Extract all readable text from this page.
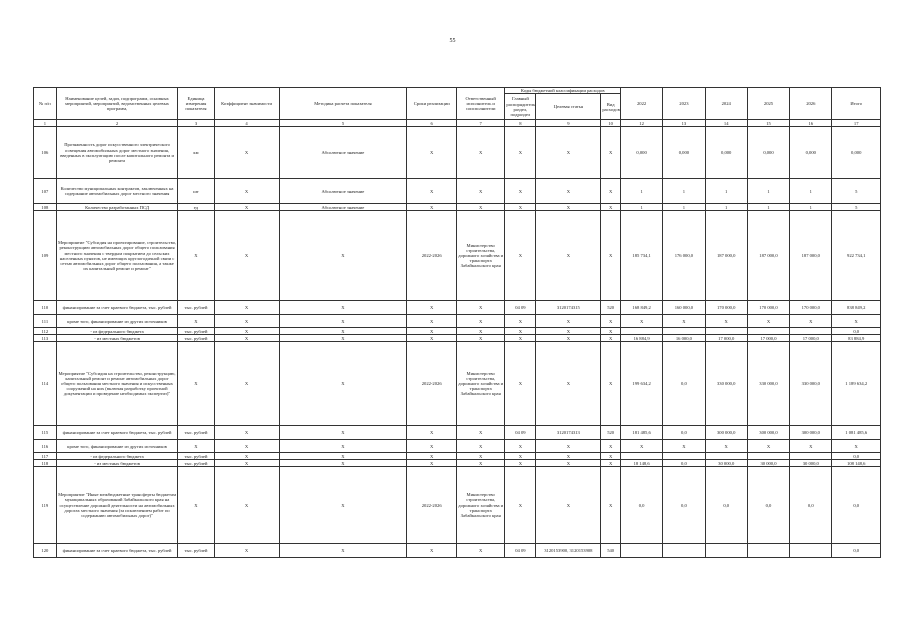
55
№ п/п	Наименование целей, задач, подпрограмм, основных мероприятий, мероприятий, ведомственных целевых программ,	Единица измерения показателя	Коэффициент значимости	Методика расчета показателя	Сроки реализации	Ответственный исполнитель и соисполнители	Коды бюджетной классификации расходов			2022	2023	2024	2025	2026	Итого
							Главный распорядитель раздел, подраздел	Целевая статья	Вид расходов						
1	2	3	4	5	6	7	8	9	10	12	13	14	15	16	17
106	Протяженность дорог искусственного электрического освещения автомобильных дорог местного значения, введенных в эксплуатацию после капитального ремонта и ремонта	км	X	Абсолютное значение	X	X	X	X	X	0,000	0,000	0,000	0,000	0,000	0,000
107	Количество муниципальных контрактов, заключенных на содержание автомобильных дорог местного значения	шт	X	Абсолютное значение	X	X	X	X	X	1	1	1	1	1	5
108	Количество разработанных ПСД	ед	X	Абсолютное значение	X	X	X	X	X	1	1	1	1	1	5
109	Мероприятие "Субсидия на проектирование, строительство, реконструкцию автомобильных дорог общего пользования местного значения с твердым покрытием до сельских населенных пунктов, не имеющих круглогодичной связи с сетью автомобильных дорог общего пользования, а также их капитальный ремонт и ремонт"	X	X	X	2022-2026	Министерство строительства, дорожного хозяйства и транспорта Забайкальского края	X	X	X	185 734,1	176 000,0	187 000,0	187 000,0	187 000,0	922 734,1
110	финансирование за счет краевого бюджета, тыс. рублей	тыс. рублей	X	X	X	X	04 09	3120174315	520	168 849,2	160 000,0	170 000,0	170 000,0	170 000,0	838 849,2
111	кроме того, финансирование из других источников	X	X	X	X	X	X	X	X	X	X	X	X	X	X
112	- из федерального бюджета	тыс. рублей	X	X	X	X	X	X	X						0,0
113	- из местных бюджетов	тыс. рублей	X	X	X	X	X	X	X	16 884,9	16 000,0	17 000,0	17 000,0	17 000,0	83 884,9
114	Мероприятие "Субсидия на строительство, реконструкцию, капитальный ремонт и ремонт автомобильных дорог общего пользования местного значения и искусственных сооружений на них (включая разработку проектной документации и проведение необходимых экспертиз)"	X	X	X	2022-2026	Министерство строительства, дорожного хозяйства и транспорта Забайкальского края	X	X	X	199 634,2	0,0	330 000,0	330 000,0	330 000,0	1 189 634,2
115	финансирование за счет краевого бюджета, тыс. рублей	тыс. рублей	X	X	X	X	04 09	3120174313	520	181 485,6	0,0	300 000,0	300 000,0	300 000,0	1 081 485,6
116	кроме того, финансирование из других источников	X	X	X	X	X	X	X	X	X	X	X	X	X	X
117	- из федерального бюджета	тыс. рублей	X	X	X	X	X	X	X						0,0
118	- из местных бюджетов	тыс. рублей	X	X	X	X	X	X	X	18 148,6	0,0	30 000,0	30 000,0	30 000,0	108 148,6
119	Мероприятие "Иные межбюджетные трансферты бюджетам муниципальных образований Забайкальского края на осуществление дорожной деятельности на автомобильных дорогах местного значения (за исключением работ по содержанию автомобильных дорог)"	X	X	X	2022-2026	Министерство строительства, дорожного хозяйства и транспорта Забайкальского края	X	X	X	0,0	0,0	0,0	0,0	0,0	0,0
120	финансирование за счет краевого бюджета, тыс. рублей	тыс. рублей	X	X	X	X	04 09	3120153900, 3120153908	540						0,0
